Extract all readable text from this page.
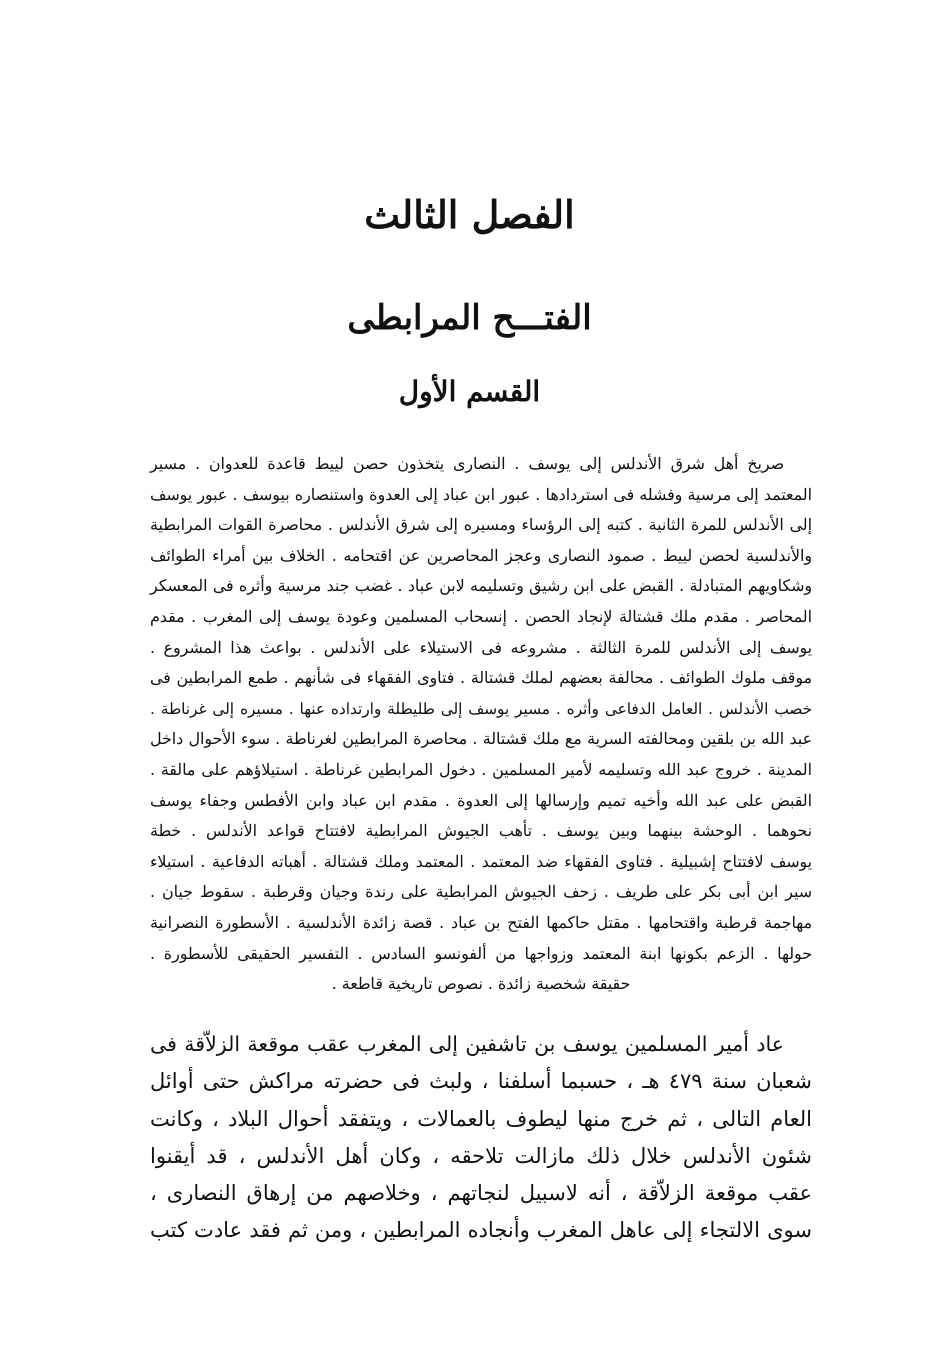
الفصل الثالث
الفتـــح المرابطى
القسم الأول
صريخ أهل شرق الأندلس إلى يوسف . النصارى يتخذون حصن لييط قاعدة للعدوان . مسير
المعتمد إلى مرسية وفشله فى استردادها . عبور ابن عباد إلى العدوة واستنصاره بيوسف . عبور يوسف
إلى الأندلس للمرة الثانية . كتبه إلى الرؤساء ومسيره إلى شرق الأندلس . محاصرة القوات المرابطية
والأندلسية لحصن لييط . صمود النصارى وعجز المحاصرين عن اقتحامه . الخلاف بين أمراء الطوائف
وشكاويهم المتبادلة . القبض على ابن رشيق وتسليمه لابن عباد . غضب جند مرسية وأثره فى المعسكر
المحاصر . مقدم ملك قشتالة لإنجاد الحصن . إنسحاب المسلمين وعودة يوسف إلى المغرب . مقدم
يوسف إلى الأندلس للمرة الثالثة . مشروعه فى الاستيلاء على الأندلس . بواعث هذا المشروع .
موقف ملوك الطوائف . محالفة بعضهم لملك قشتالة . فتاوى الفقهاء فى شأنهم . طمع المرابطين فى
خصب الأندلس . العامل الدفاعى وأثره . مسير يوسف إلى طليطلة وارتداده عنها . مسيره إلى غرناطة .
عبد الله بن بلقين ومحالفته السرية مع ملك قشتالة . محاصرة المرابطين لغرناطة . سوء الأحوال داخل
المدينة . خروج عبد الله وتسليمه لأمير المسلمين . دخول المرابطين غرناطة . استيلاؤهم على مالقة .
القبض على عبد الله وأخيه تميم وإرسالها إلى العدوة . مقدم ابن عباد وابن الأفطس وجفاء يوسف
نحوهما . الوحشة بينهما وبين يوسف . تأهب الجيوش المرابطية لافتتاح قواعد الأندلس . خطة
يوسف لافتتاح إشبيلية . فتاوى الفقهاء ضد المعتمد . المعتمد وملك قشتالة . أهباته الدفاعية . استيلاء
سير ابن أبى بكر على طريف . زحف الجيوش المرابطية على رندة وجيان وقرطبة . سقوط جيان .
مهاجمة قرطبة واقتحامها . مقتل حاكمها الفتح بن عباد . قصة زائدة الأندلسية . الأسطورة النصرانية
حولها . الزعم بكونها ابنة المعتمد وزواجها من ألفونسو السادس . التفسير الحقيقى للأسطورة .
حقيقة شخصية زائدة . نصوص تاريخية قاطعة .
عاد أمير المسلمين يوسف بن تاشفين إلى المغرب عقب موقعة الزلاّقة فى
شعبان سنة ٤٧٩ هـ ، حسبما أسلفنا ، ولبث فى حضرته مراكش حتى أوائل
العام التالى ، ثم خرج منها ليطوف بالعمالات ، ويتفقد أحوال البلاد ، وكانت
شئون الأندلس خلال ذلك مازالت تلاحقه ، وكان أهل الأندلس ، قد أيقنوا
عقب موقعة الزلاّقة ، أنه لاسبيل لنجاتهم ، وخلاصهم من إرهاق النصارى ،
سوى الالتجاء إلى عاهل المغرب وأنجاده المرابطين ، ومن ثم فقد عادت كتب
